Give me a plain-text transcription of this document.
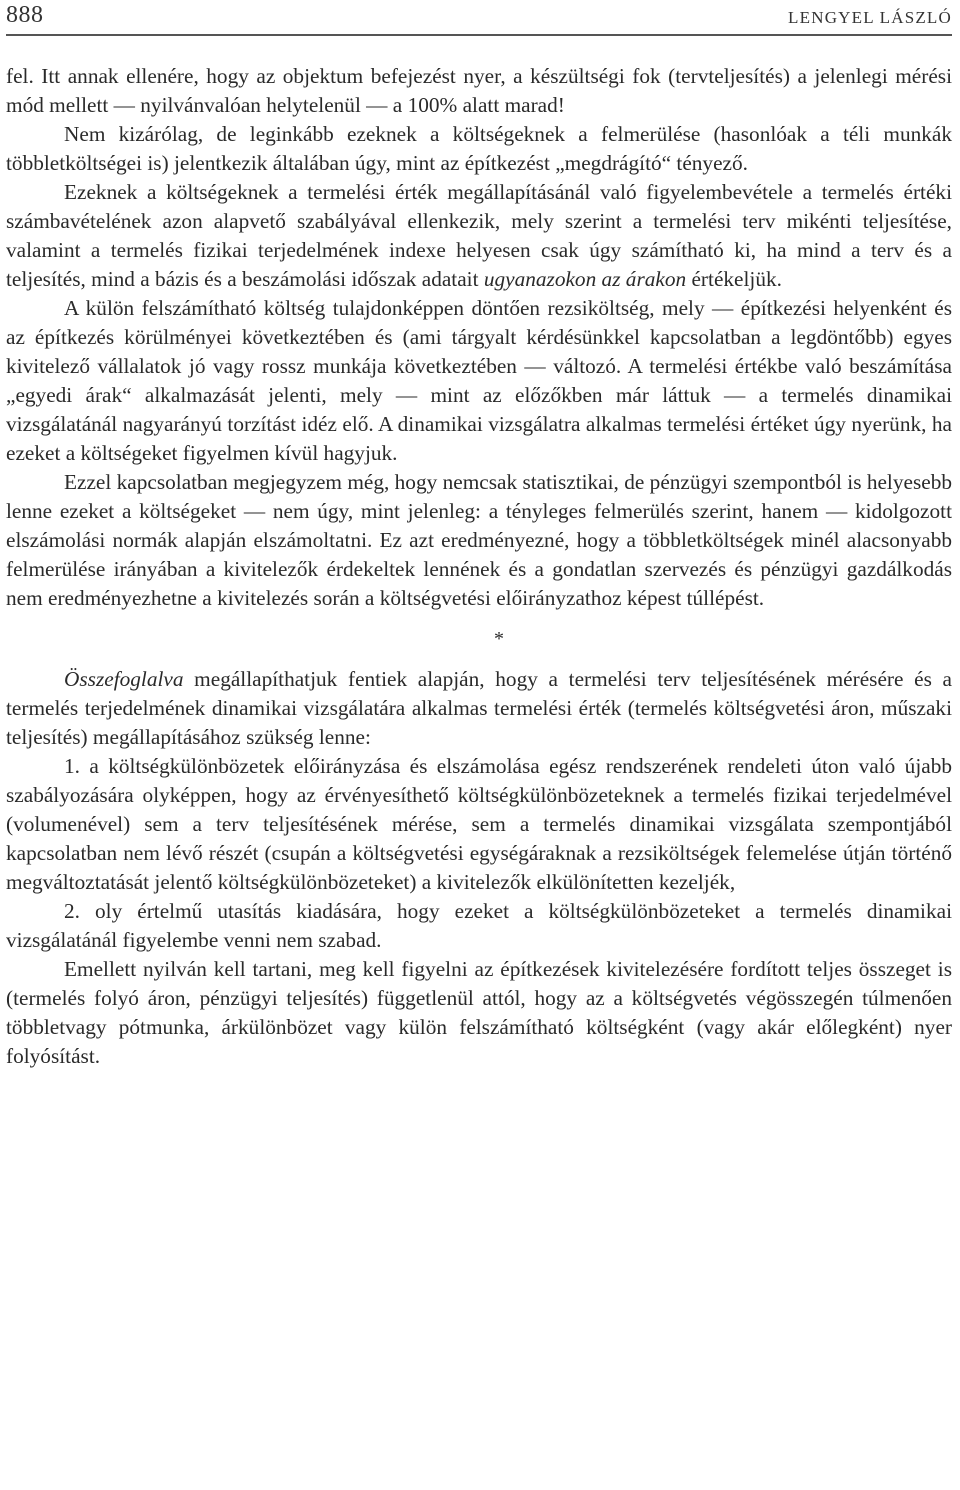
888	LENGYEL LÁSZLÓ

fel. Itt annak ellenére, hogy az objektum befejezést nyer, a készültségi fok (tervteljesítés) a jelenlegi mérési mód mellett — nyilvánvalóan helytelenül — a 100% alatt marad!

Nem kizárólag, de leginkább ezeknek a költségeknek a felmerülése (hasonlóak a téli munkák többletköltségei is) jelentkezik általában úgy, mint az építkezést „megdrágító“ tényező.

Ezeknek a költségeknek a termelési érték megállapításánál való figyelembevétele a termelés értéki számbavételének azon alapvető szabályával ellenkezik, mely szerint a termelési terv mikénti teljesítése, valamint a termelés fizikai terjedelmének indexe helyesen csak úgy számítható ki, ha mind a terv és a teljesítés, mind a bázis és a beszámolási időszak adatait ugyanazokon az árakon értékeljük.

A külön felszámítható költség tulajdonképpen döntően rezsiköltség, mely — építkezési helyenként és az építkezés körülményei következtében és (ami tárgyalt kérdésünkkel kapcsolatban a legdöntőbb) egyes kivitelező vállalatok jó vagy rossz munkája következtében — változó. A termelési értékbe való beszámítása „egyedi árak“ alkalmazását jelenti, mely — mint az előzőkben már láttuk — a termelés dinamikai vizsgálatánál nagyarányú torzítást idéz elő. A dinamikai vizsgálatra alkalmas termelési értéket úgy nyerünk, ha ezeket a költségeket figyelmen kívül hagyjuk.

Ezzel kapcsolatban megjegyzem még, hogy nemcsak statisztikai, de pénzügyi szempontból is helyesebb lenne ezeket a költségeket — nem úgy, mint jelenleg: a tényleges felmerülés szerint, hanem — kidolgozott elszámolási normák alapján elszámoltatni. Ez azt eredményezné, hogy a többletköltségek minél alacsonyabb felmerülése irányában a kivitelezők érdekeltek lennének és a gondatlan szervezés és pénzügyi gazdálkodás nem eredményezhetne a kivitelezés során a költségvetési előirányzathoz képest túllépést.

*

Összefoglalva megállapíthatjuk fentiek alapján, hogy a termelési terv teljesítésének mérésére és a termelés terjedelmének dinamikai vizsgálatára alkalmas termelési érték (termelés költségvetési áron, műszaki teljesítés) megállapításához szükség lenne:

1. a költségkülönbözetek előirányzása és elszámolása egész rendszerének rendeleti úton való újabb szabályozására olyképpen, hogy az érvényesíthető költségkülönbözeteknek a termelés fizikai terjedelmével (volumenével) sem a terv teljesítésének mérése, sem a termelés dinamikai vizsgálata szempontjából kapcsolatban nem lévő részét (csupán a költségvetési egységáraknak a rezsiköltségek felemelése útján történő megváltoztatását jelentő költségkülönbözeteket) a kivitelezők elkülönítetten kezeljék,

2. oly értelmű utasítás kiadására, hogy ezeket a költségkülönbözeteket a termelés dinamikai vizsgálatánál figyelembe venni nem szabad.

Emellett nyilván kell tartani, meg kell figyelni az építkezések kivitelezésére fordított teljes összeget is (termelés folyó áron, pénzügyi teljesítés) függetlenül attól, hogy az a költségvetés végösszegén túlmenően többletvagy pótmunka, árkülönbözet vagy külön felszámítható költségként (vagy akár előlegként) nyer folyósítást.
